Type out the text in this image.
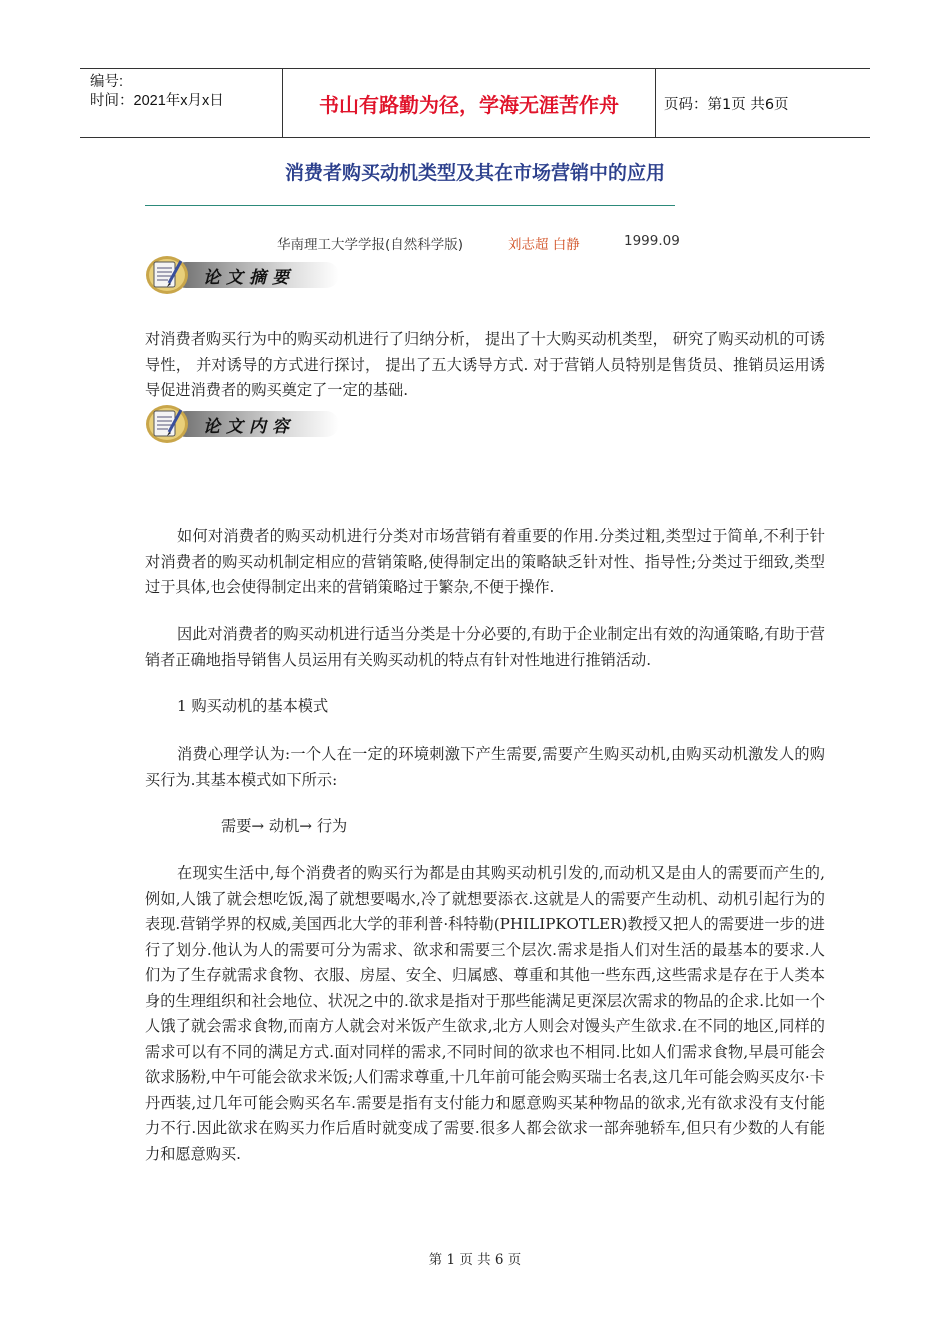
编号:
时间：2021年x月x日	书山有路勤为径，学海无涯苦作舟	页码：第1页 共6页
消费者购买动机类型及其在市场营销中的应用
华南理工大学学报(自然科学版)	刘志超 白静	1999.09
论文摘要
对消费者购买行为中的购买动机进行了归纳分析， 提出了十大购买动机类型， 研究了购买动机的可诱导性， 并对诱导的方式进行探讨， 提出了五大诱导方式. 对于营销人员特别是售货员、推销员运用诱导促进消费者的购买奠定了一定的基础.
论文内容
如何对消费者的购买动机进行分类对市场营销有着重要的作用.分类过粗,类型过于简单,不利于针对消费者的购买动机制定相应的营销策略,使得制定出的策略缺乏针对性、指导性;分类过于细致,类型过于具体,也会使得制定出来的营销策略过于繁杂,不便于操作.
因此对消费者的购买动机进行适当分类是十分必要的,有助于企业制定出有效的沟通策略,有助于营销者正确地指导销售人员运用有关购买动机的特点有针对性地进行推销活动.
1 购买动机的基本模式
消费心理学认为:一个人在一定的环境刺激下产生需要,需要产生购买动机,由购买动机激发人的购买行为.其基本模式如下所示:
需要→ 动机→ 行为
在现实生活中,每个消费者的购买行为都是由其购买动机引发的,而动机又是由人的需要而产生的,例如,人饿了就会想吃饭,渴了就想要喝水,冷了就想要添衣.这就是人的需要产生动机、动机引起行为的表现.营销学界的权威,美国西北大学的菲利普·科特勒(PHILIPKOTLER)教授又把人的需要进一步的进行了划分.他认为人的需要可分为需求、欲求和需要三个层次.需求是指人们对生活的最基本的要求.人们为了生存就需求食物、衣服、房屋、安全、归属感、尊重和其他一些东西,这些需求是存在于人类本身的生理组织和社会地位、状况之中的.欲求是指对于那些能满足更深层次需求的物品的企求.比如一个人饿了就会需求食物,而南方人就会对米饭产生欲求,北方人则会对馒头产生欲求.在不同的地区,同样的需求可以有不同的满足方式.面对同样的需求,不同时间的欲求也不相同.比如人们需求食物,早晨可能会欲求肠粉,中午可能会欲求米饭;人们需求尊重,十几年前可能会购买瑞士名表,这几年可能会购买皮尔·卡丹西装,过几年可能会购买名车.需要是指有支付能力和愿意购买某种物品的欲求,光有欲求没有支付能力不行.因此欲求在购买力作后盾时就变成了需要.很多人都会欲求一部奔驰轿车,但只有少数的人有能力和愿意购买.
第 1 页 共 6 页
